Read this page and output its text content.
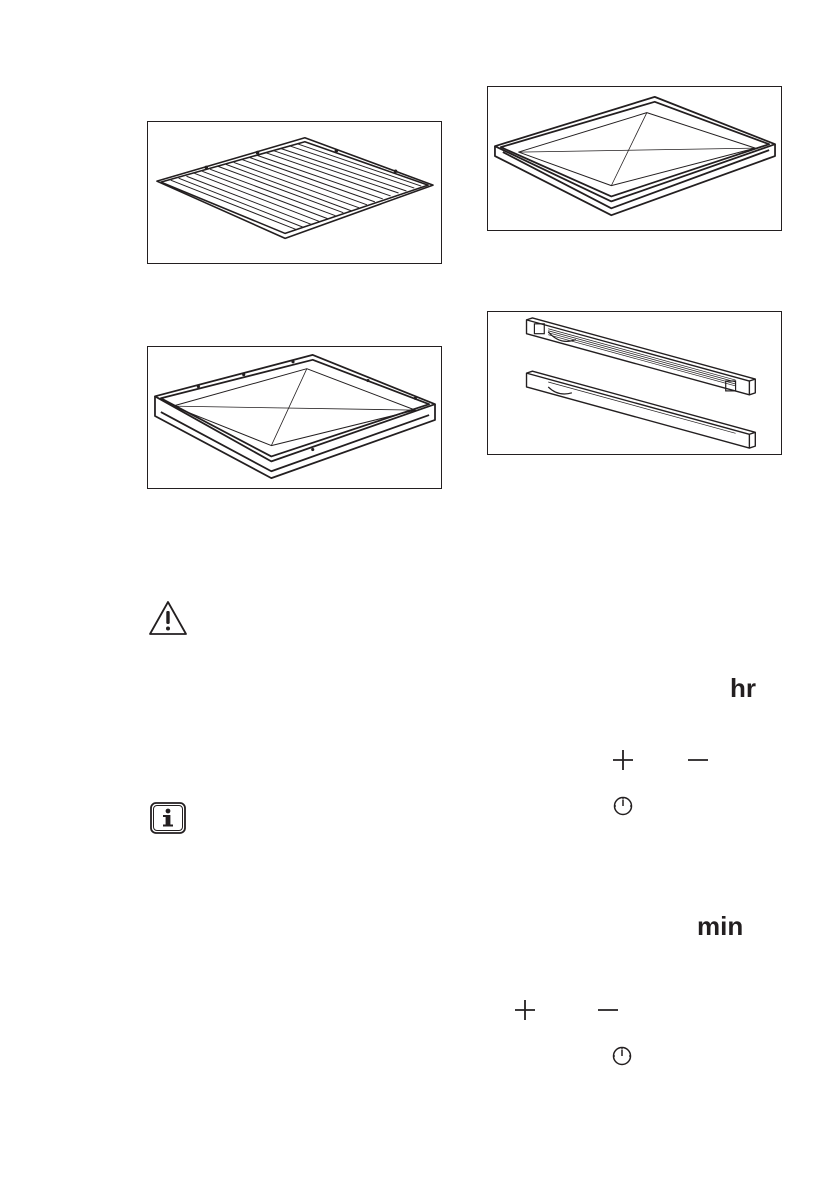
hr
min
